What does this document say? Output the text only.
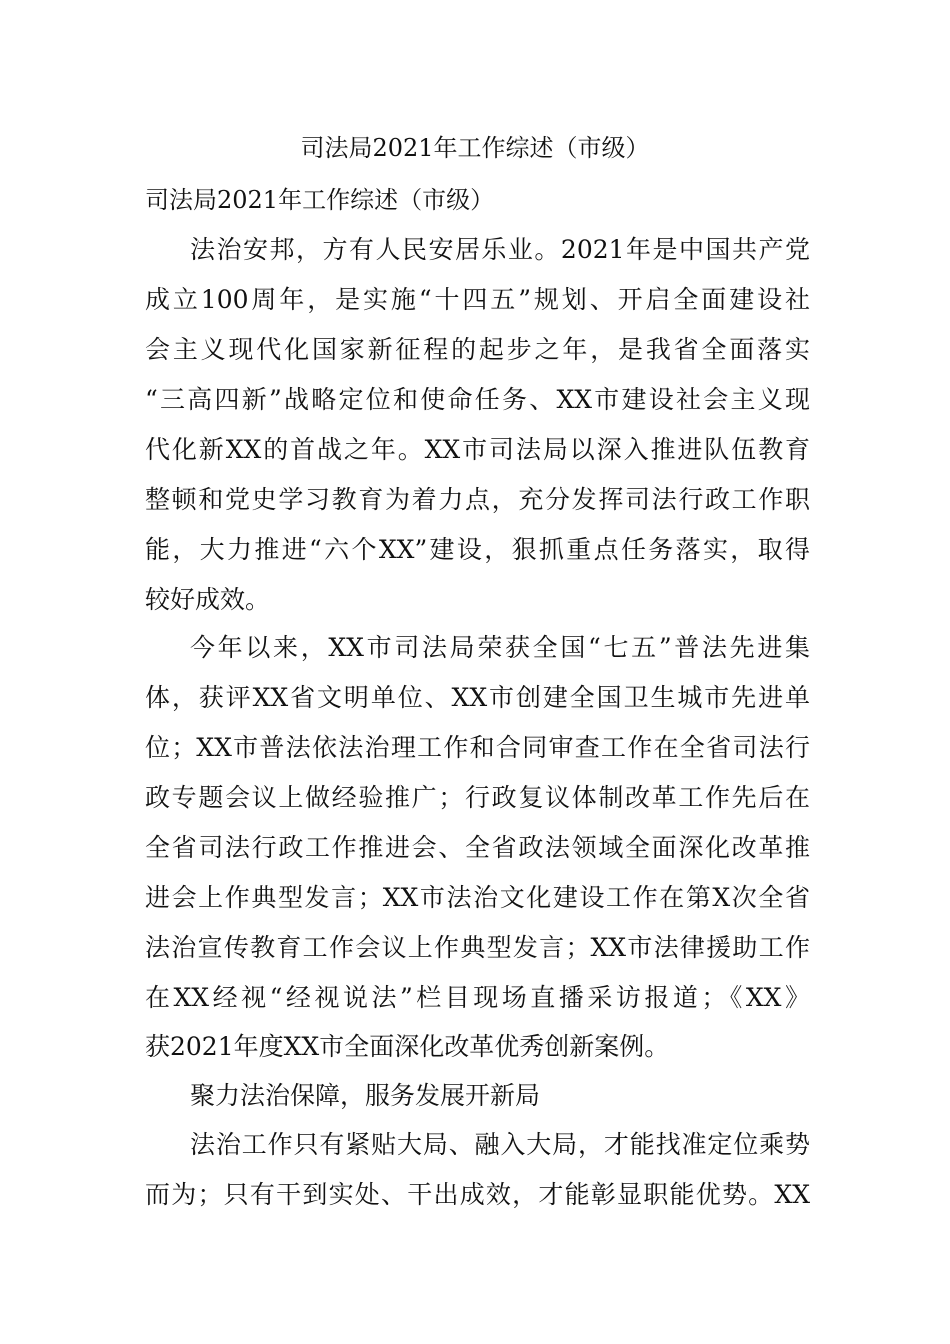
司法局2021年工作综述（市级）
司法局2021年工作综述（市级）
法治安邦，方有人民安居乐业。2021年是中国共产党
成立100周年，是实施“十四五”规划、开启全面建设社
会主义现代化国家新征程的起步之年，是我省全面落实
“三高四新”战略定位和使命任务、XX市建设社会主义现
代化新XX的首战之年。XX市司法局以深入推进队伍教育
整顿和党史学习教育为着力点，充分发挥司法行政工作职
能，大力推进“六个XX”建设，狠抓重点任务落实，取得
较好成效。
今年以来，XX市司法局荣获全国“七五”普法先进集
体，获评XX省文明单位、XX市创建全国卫生城市先进单
位；XX市普法依法治理工作和合同审查工作在全省司法行
政专题会议上做经验推广；行政复议体制改革工作先后在
全省司法行政工作推进会、全省政法领域全面深化改革推
进会上作典型发言；XX市法治文化建设工作在第X次全省
法治宣传教育工作会议上作典型发言；XX市法律援助工作
在XX经视“经视说法”栏目现场直播采访报道；《XX》
获2021年度XX市全面深化改革优秀创新案例。
聚力法治保障，服务发展开新局
法治工作只有紧贴大局、融入大局，才能找准定位乘势
而为；只有干到实处、干出成效，才能彰显职能优势。XX
